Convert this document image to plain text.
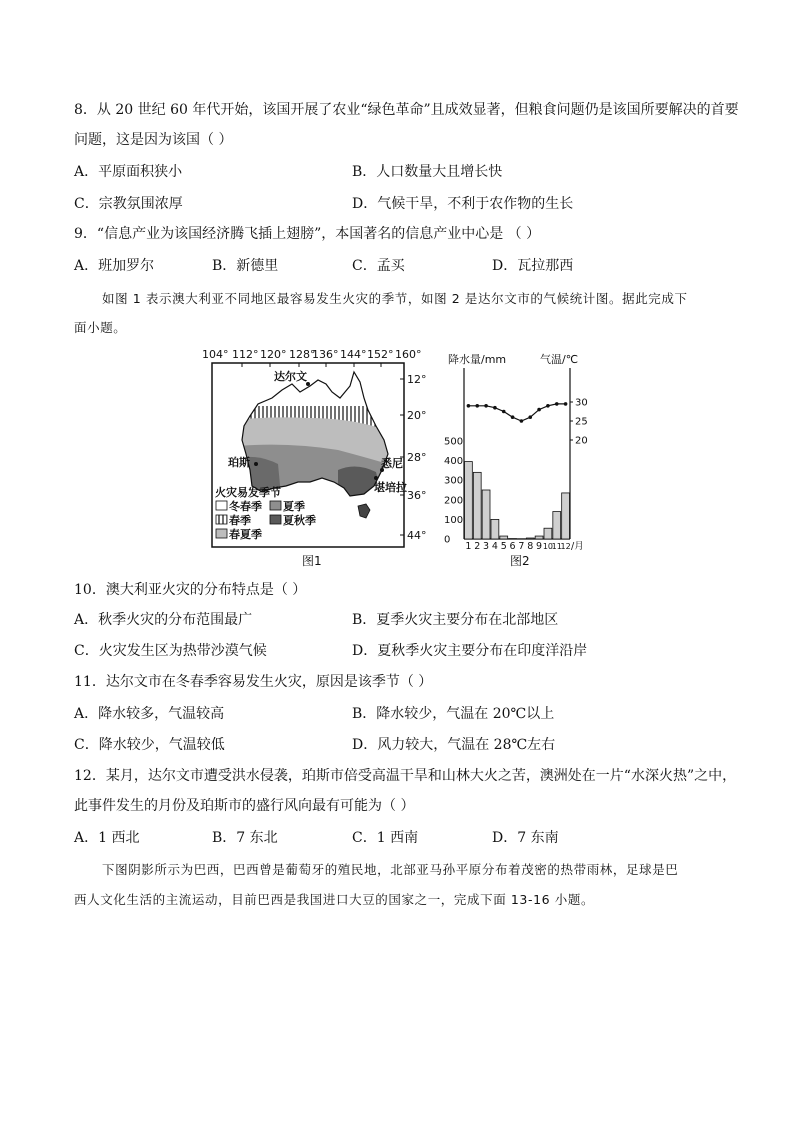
8．从 20 世纪 60 年代开始，该国开展了农业“绿色革命”且成效显著，但粮食问题仍是该国所要解决的首要
问题，这是因为该国（ ）
A．平原面积狭小	B．人口数量大且增长快
C．宗教氛围浓厚	D．气候干旱，不利于农作物的生长
9．“信息产业为该国经济腾飞插上翅膀”，本国著名的信息产业中心是 （ ）
A．班加罗尔	B．新德里	C．孟买	D．瓦拉那西
如图 1 表示澳大利亚不同地区最容易发生火灾的季节，如图 2 是达尔文市的气候统计图。据此完成下
面小题。
104° 112° 120° 128°
136° 144° 152° 160°
12°
20°
28°
36°
44°
达尔文
珀斯	悉尼
堪培拉
火灾易发季节
冬春季 夏季
春季	夏秋季
春夏季
图1
降水量/mm	气温/℃
500
400
300
200
100
0
30
25
20
1 2 3 4 5 6 7 8 9 10
11
12 /月
图2
10．澳大利亚火灾的分布特点是（ ）
A．秋季火灾的分布范围最广	B．夏季火灾主要分布在北部地区
C．火灾发生区为热带沙漠气候	D．夏秋季火灾主要分布在印度洋沿岸
11．达尔文市在冬春季容易发生火灾，原因是该季节（ ）
A．降水较多，气温较高	B．降水较少，气温在 20℃以上
C．降水较少，气温较低	D．风力较大，气温在 28℃左右
12．某月，达尔文市遭受洪水侵袭，珀斯市倍受高温干旱和山林大火之苦，澳洲处在一片“水深火热”之中，
此事件发生的月份及珀斯市的盛行风向最有可能为（ ）
A．1 西北	B．7 东北	C．1 西南	D．7 东南
下图阴影所示为巴西，巴西曾是葡萄牙的殖民地，北部亚马孙平原分布着茂密的热带雨林，足球是巴
西人文化生活的主流运动，目前巴西是我国进口大豆的国家之一，完成下面 13-16 小题。
